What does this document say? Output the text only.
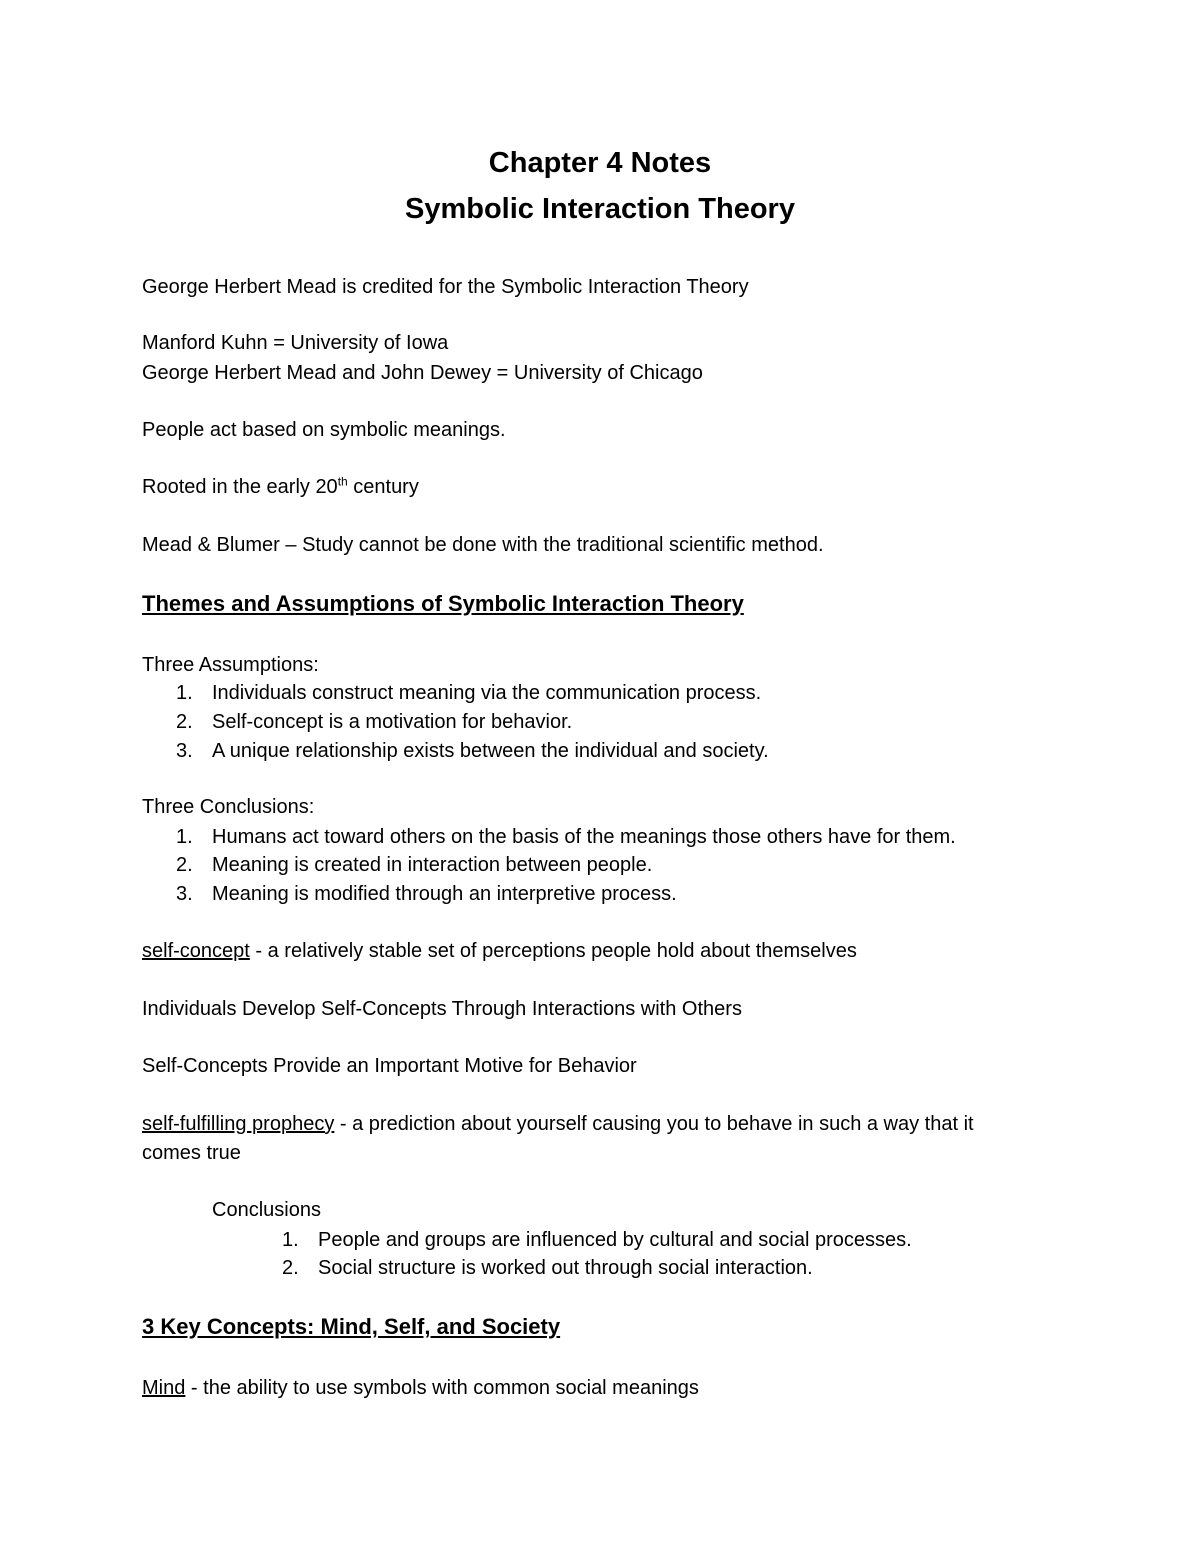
Chapter 4 Notes
Symbolic Interaction Theory
George Herbert Mead is credited for the Symbolic Interaction Theory
Manford Kuhn = University of Iowa
George Herbert Mead and John Dewey = University of Chicago
People act based on symbolic meanings.
Rooted in the early 20th century
Mead & Blumer – Study cannot be done with the traditional scientific method.
Themes and Assumptions of Symbolic Interaction Theory
Three Assumptions:
1. Individuals construct meaning via the communication process.
2. Self-concept is a motivation for behavior.
3. A unique relationship exists between the individual and society.
Three Conclusions:
1. Humans act toward others on the basis of the meanings those others have for them.
2. Meaning is created in interaction between people.
3. Meaning is modified through an interpretive process.
self-concept - a relatively stable set of perceptions people hold about themselves
Individuals Develop Self-Concepts Through Interactions with Others
Self-Concepts Provide an Important Motive for Behavior
self-fulfilling prophecy - a prediction about yourself causing you to behave in such a way that it
comes true
Conclusions
1. People and groups are influenced by cultural and social processes.
2. Social structure is worked out through social interaction.
3 Key Concepts: Mind, Self, and Society
Mind - the ability to use symbols with common social meanings
